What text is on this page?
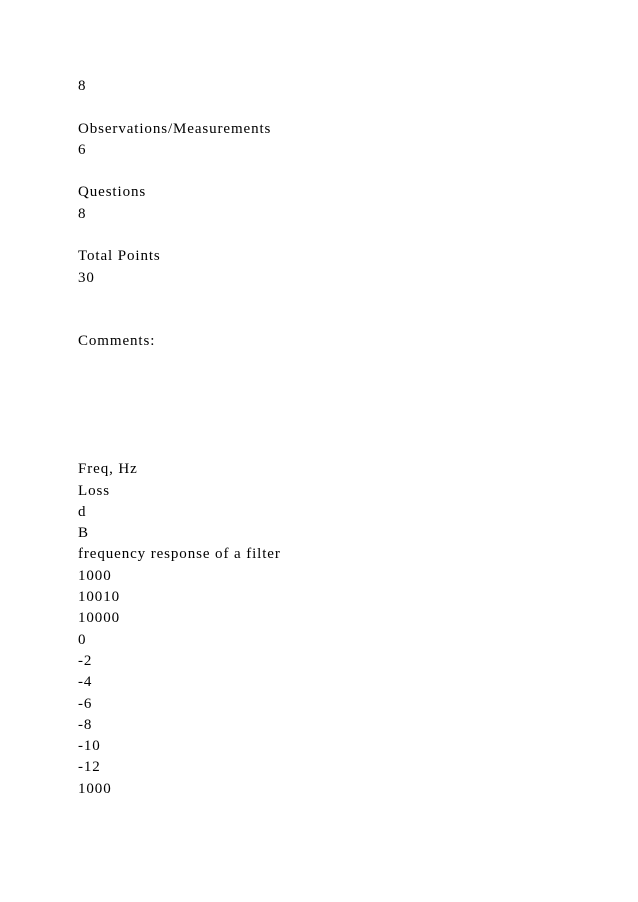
8
Observations/Measurements
6
Questions
8
Total Points
30
Comments:
Freq, Hz
Loss
d
B
frequency response of a filter
1000
10010
10000
0
-2
-4
-6
-8
-10
-12
1000
